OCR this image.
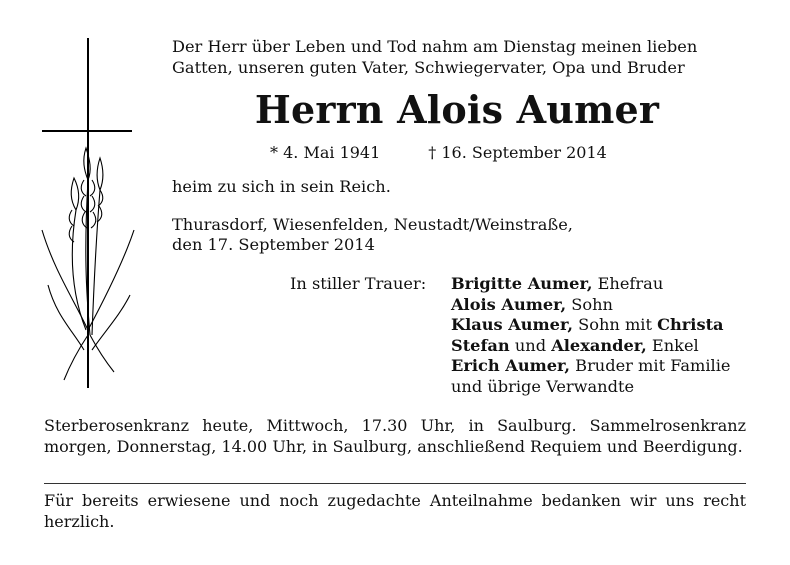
Der Herr über Leben und Tod nahm am Dienstag meinen lieben
Gatten, unseren guten Vater, Schwiegervater, Opa und Bruder
Herrn Alois Aumer
* 4. Mai 1941	† 16. September 2014
heim zu sich in sein Reich.
Thurasdorf, Wiesenfelden, Neustadt/Weinstraße,
den 17. September 2014
In stiller Trauer: Brigitte Aumer, Ehefrau
Alois Aumer, Sohn
Klaus Aumer, Sohn mit Christa
Stefan und Alexander, Enkel
Erich Aumer, Bruder mit Familie
und übrige Verwandte
Sterberosenkranz heute, Mittwoch, 17.30 Uhr, in Saulburg. Sammelrosenkranz morgen, Donnerstag, 14.00 Uhr, in Saulburg, anschließend Requiem und Beerdigung.
Für bereits erwiesene und noch zugedachte Anteilnahme bedanken wir uns recht herzlich.
